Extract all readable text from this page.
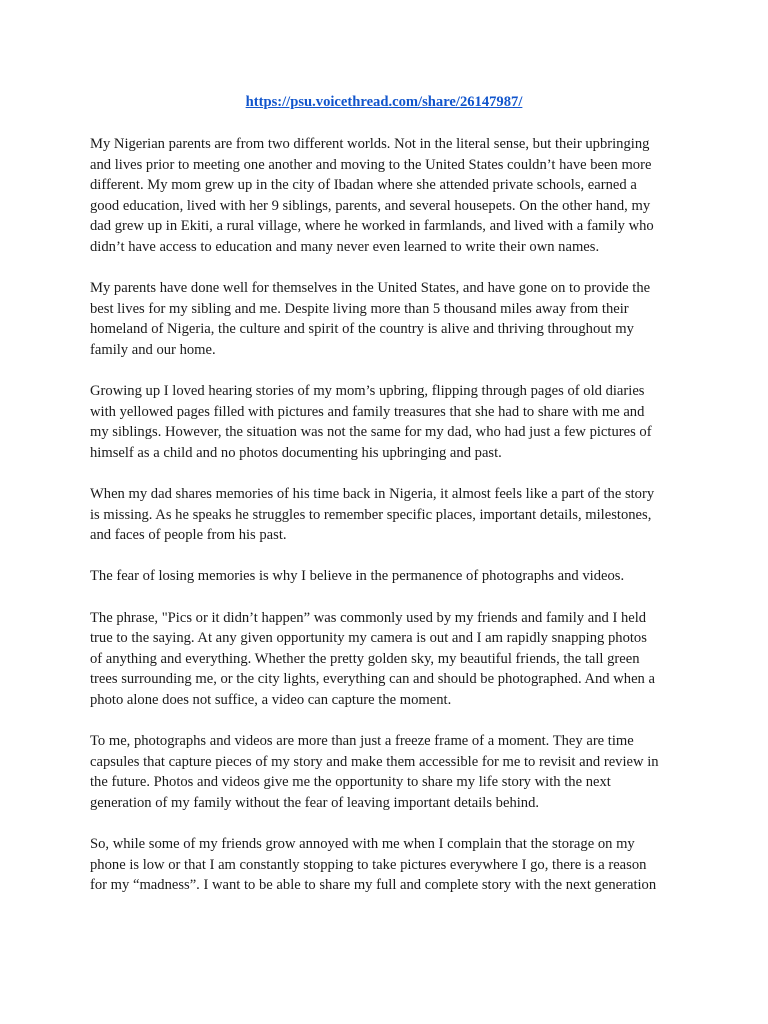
https://psu.voicethread.com/share/26147987/

My Nigerian parents are from two different worlds. Not in the literal sense, but their upbringing
and lives prior to meeting one another and moving to the United States couldn’t have been more
different. My mom grew up in the city of Ibadan where she attended private schools, earned a
good education, lived with her 9 siblings, parents, and several housepets. On the other hand, my
dad grew up in Ekiti, a rural village, where he worked in farmlands, and lived with a family who
didn’t have access to education and many never even learned to write their own names.

My parents have done well for themselves in the United States, and have gone on to provide the
best lives for my sibling and me. Despite living more than 5 thousand miles away from their
homeland of Nigeria, the culture and spirit of the country is alive and thriving throughout my
family and our home.

Growing up I loved hearing stories of my mom’s upbring, flipping through pages of old diaries
with yellowed pages filled with pictures and family treasures that she had to share with me and
my siblings. However, the situation was not the same for my dad, who had just a few pictures of
himself as a child and no photos documenting his upbringing and past.

When my dad shares memories of his time back in Nigeria, it almost feels like a part of the story
is missing. As he speaks he struggles to remember specific places, important details, milestones,
and faces of people from his past.

The fear of losing memories is why I believe in the permanence of photographs and videos.

The phrase, "Pics or it didn’t happen” was commonly used by my friends and family and I held
true to the saying. At any given opportunity my camera is out and I am rapidly snapping photos
of anything and everything. Whether the pretty golden sky, my beautiful friends, the tall green
trees surrounding me, or the city lights, everything can and should be photographed. And when a
photo alone does not suffice, a video can capture the moment.

To me, photographs and videos are more than just a freeze frame of a moment. They are time
capsules that capture pieces of my story and make them accessible for me to revisit and review in
the future. Photos and videos give me the opportunity to share my life story with the next
generation of my family without the fear of leaving important details behind.

So, while some of my friends grow annoyed with me when I complain that the storage on my
phone is low or that I am constantly stopping to take pictures everywhere I go, there is a reason
for my “madness”. I want to be able to share my full and complete story with the next generation
